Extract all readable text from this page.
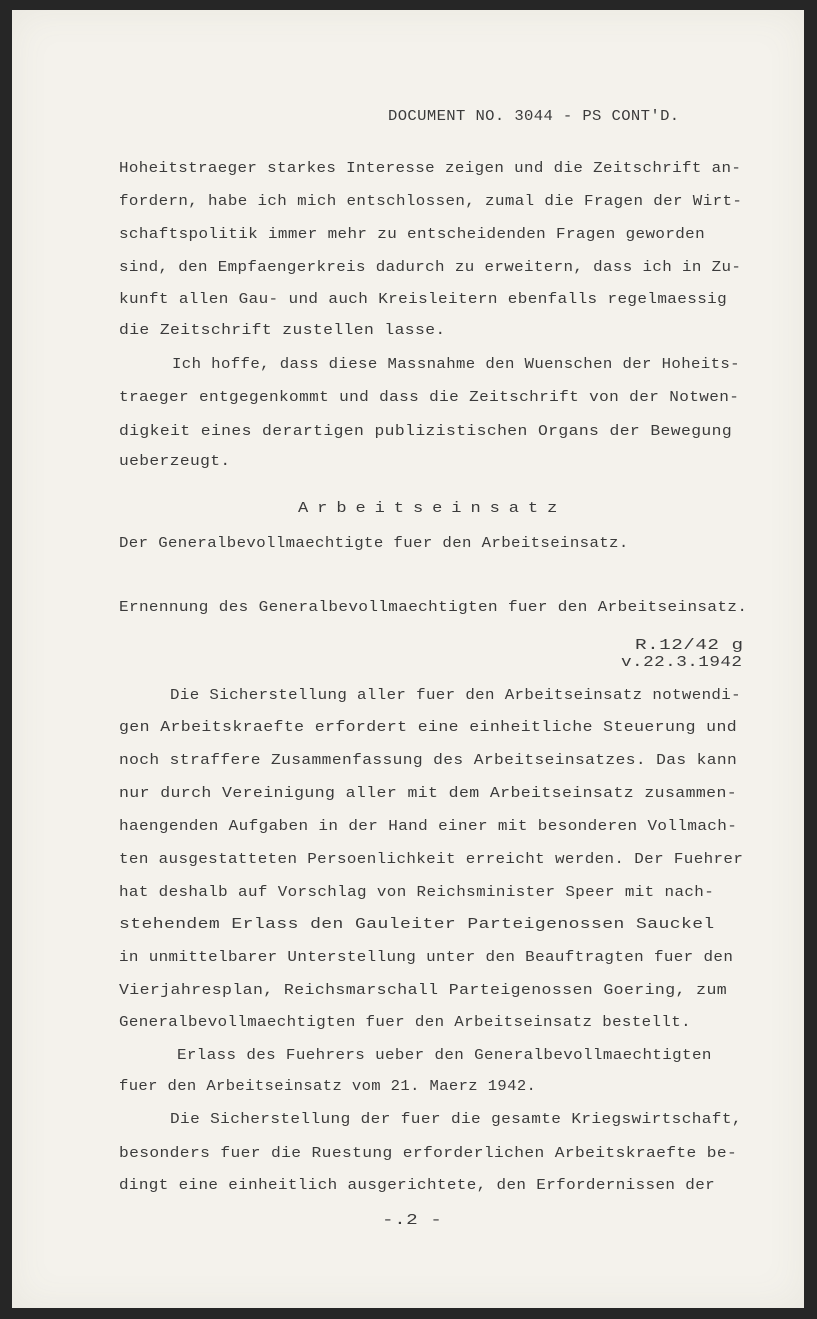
DOCUMENT NO. 3044 - PS CONT'D.
Hoheitstraeger starkes Interesse zeigen und die Zeitschrift an-
fordern, habe ich mich entschlossen, zumal die Fragen der Wirt-
schaftspolitik immer mehr zu entscheidenden Fragen geworden
sind, den Empfaengerkreis dadurch zu erweitern, dass ich in Zu-
kunft allen Gau- und auch Kreisleitern ebenfalls regelmaessig
die Zeitschrift zustellen lasse.
Ich hoffe, dass diese Massnahme den Wuenschen der Hoheits-
traeger entgegenkommt und dass die Zeitschrift von der Notwen-
digkeit eines derartigen publizistischen Organs der Bewegung
ueberzeugt.
Arbeitseinsatz
Der Generalbevollmaechtigte fuer den Arbeitseinsatz.
Ernennung des Generalbevollmaechtigten fuer den Arbeitseinsatz.
R.12/42 g
v.22.3.1942
Die Sicherstellung aller fuer den Arbeitseinsatz notwendi-
gen Arbeitskraefte erfordert eine einheitliche Steuerung und
noch straffere Zusammenfassung des Arbeitseinsatzes. Das kann
nur durch Vereinigung aller mit dem Arbeitseinsatz zusammen-
haengenden Aufgaben in der Hand einer mit besonderen Vollmach-
ten ausgestatteten Persoenlichkeit erreicht werden. Der Fuehrer
hat deshalb auf Vorschlag von Reichsminister Speer mit nach-
stehendem Erlass den Gauleiter Parteigenossen Sauckel
in unmittelbarer Unterstellung unter den Beauftragten fuer den
Vierjahresplan, Reichsmarschall Parteigenossen Goering, zum
Generalbevollmaechtigten fuer den Arbeitseinsatz bestellt.
Erlass des Fuehrers ueber den Generalbevollmaechtigten
fuer den Arbeitseinsatz vom 21. Maerz 1942.
Die Sicherstellung der fuer die gesamte Kriegswirtschaft,
besonders fuer die Ruestung erforderlichen Arbeitskraefte be-
dingt eine einheitlich ausgerichtete, den Erfordernissen der
-.2 -
